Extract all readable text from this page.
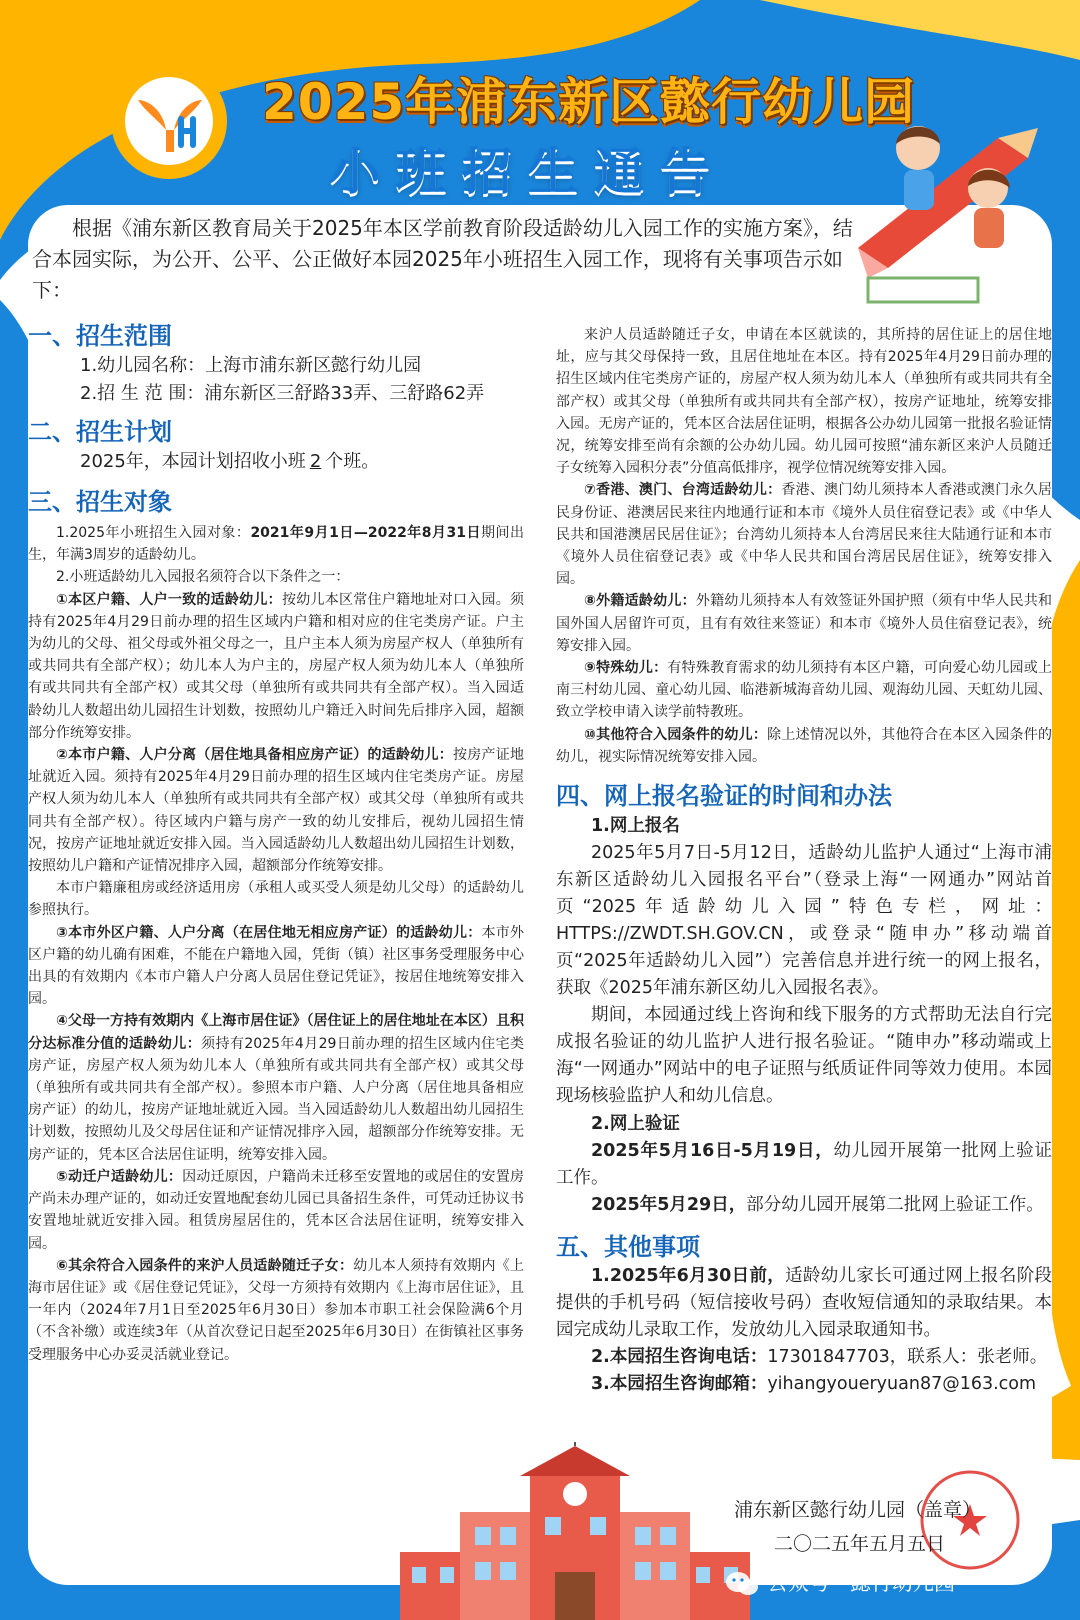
2025年浦东新区懿行幼儿园
小班招生通告

根据《浦东新区教育局关于2025年本区学前教育阶段适龄幼儿入园工作的实施方案》，结合本园实际，为公开、公平、公正做好本园2025年小班招生入园工作，现将有关事项告示如下：

一、招生范围

1.幼儿园名称：上海市浦东新区懿行幼儿园

2.招 生 范 围：浦东新区三舒路33弄、三舒路62弄

二、招生计划

2025年，本园计划招收小班 2 个班。

三、招生对象

1.2025年小班招生入园对象：2021年9月1日—2022年8月31日期间出生，年满3周岁的适龄幼儿。

2.小班适龄幼儿入园报名须符合以下条件之一：

①本区户籍、人户一致的适龄幼儿：按幼儿本区常住户籍地址对口入园。须持有2025年4月29日前办理的招生区域内户籍和相对应的住宅类房产证。户主为幼儿的父母、祖父母或外祖父母之一，且户主本人须为房屋产权人（单独所有或共同共有全部产权）；幼儿本人为户主的，房屋产权人须为幼儿本人（单独所有或共同共有全部产权）或其父母（单独所有或共同共有全部产权）。当入园适龄幼儿人数超出幼儿园招生计划数，按照幼儿户籍迁入时间先后排序入园，超额部分作统筹安排。

②本市户籍、人户分离（居住地具备相应房产证）的适龄幼儿：按房产证地址就近入园。须持有2025年4月29日前办理的招生区域内住宅类房产证。房屋产权人须为幼儿本人（单独所有或共同共有全部产权）或其父母（单独所有或共同共有全部产权）。待区域内户籍与房产一致的幼儿安排后，视幼儿园招生情况，按房产证地址就近安排入园。当入园适龄幼儿人数超出幼儿园招生计划数，按照幼儿户籍和产证情况排序入园，超额部分作统筹安排。

本市户籍廉租房或经济适用房（承租人或买受人须是幼儿父母）的适龄幼儿参照执行。

③本市外区户籍、人户分离（在居住地无相应房产证）的适龄幼儿：本市外区户籍的幼儿确有困难，不能在户籍地入园，凭街（镇）社区事务受理服务中心出具的有效期内《本市户籍人户分离人员居住登记凭证》，按居住地统筹安排入园。

④父母一方持有效期内《上海市居住证》（居住证上的居住地址在本区）且积分达标准分值的适龄幼儿：须持有2025年4月29日前办理的招生区域内住宅类房产证，房屋产权人须为幼儿本人（单独所有或共同共有全部产权）或其父母（单独所有或共同共有全部产权）。参照本市户籍、人户分离（居住地具备相应房产证）的幼儿，按房产证地址就近入园。当入园适龄幼儿人数超出幼儿园招生计划数，按照幼儿及父母居住证和产证情况排序入园，超额部分作统筹安排。无房产证的，凭本区合法居住证明，统筹安排入园。

⑤动迁户适龄幼儿：因动迁原因，户籍尚未迁移至安置地的或居住的安置房产尚未办理产证的，如动迁安置地配套幼儿园已具备招生条件，可凭动迁协议书安置地址就近安排入园。租赁房屋居住的，凭本区合法居住证明，统筹安排入园。

⑥其余符合入园条件的来沪人员适龄随迁子女：幼儿本人须持有效期内《上海市居住证》或《居住登记凭证》，父母一方须持有效期内《上海市居住证》，且一年内（2024年7月1日至2025年6月30日）参加本市职工社会保险满6个月（不含补缴）或连续3年（从首次登记日起至2025年6月30日）在街镇社区事务受理服务中心办妥灵活就业登记。

来沪人员适龄随迁子女，申请在本区就读的，其所持的居住证上的居住地址，应与其父母保持一致，且居住地址在本区。持有2025年4月29日前办理的招生区域内住宅类房产证的，房屋产权人须为幼儿本人（单独所有或共同共有全部产权）或其父母（单独所有或共同共有全部产权），按房产证地址，统筹安排入园。无房产证的，凭本区合法居住证明，根据各公办幼儿园第一批报名验证情况，统筹安排至尚有余额的公办幼儿园。幼儿园可按照“浦东新区来沪人员随迁子女统筹入园积分表”分值高低排序，视学位情况统筹安排入园。

⑦香港、澳门、台湾适龄幼儿：香港、澳门幼儿须持本人香港或澳门永久居民身份证、港澳居民来往内地通行证和本市《境外人员住宿登记表》或《中华人民共和国港澳居民居住证》；台湾幼儿须持本人台湾居民来往大陆通行证和本市《境外人员住宿登记表》或《中华人民共和国台湾居民居住证》，统筹安排入园。

⑧外籍适龄幼儿：外籍幼儿须持本人有效签证外国护照（须有中华人民共和国外国人居留许可页，且有有效往来签证）和本市《境外人员住宿登记表》，统筹安排入园。

⑨特殊幼儿：有特殊教育需求的幼儿须持有本区户籍，可向爱心幼儿园或上南三村幼儿园、童心幼儿园、临港新城海音幼儿园、观海幼儿园、天虹幼儿园、致立学校申请入读学前特教班。

⑩其他符合入园条件的幼儿：除上述情况以外，其他符合在本区入园条件的幼儿，视实际情况统筹安排入园。

四、网上报名验证的时间和办法

1.网上报名

2025年5月7日-5月12日，适龄幼儿监护人通过“上海市浦东新区适龄幼儿入园报名平台”（登录上海“一网通办”网站首页“2025年适龄幼儿入园”特色专栏，网址：HTTPS://ZWDT.SH.GOV.CN，或登录“随申办”移动端首页“2025年适龄幼儿入园”）完善信息并进行统一的网上报名，获取《2025年浦东新区幼儿入园报名表》。

期间，本园通过线上咨询和线下服务的方式帮助无法自行完成报名验证的幼儿监护人进行报名验证。“随申办”移动端或上海“一网通办”网站中的电子证照与纸质证件同等效力使用。本园现场核验监护人和幼儿信息。

2.网上验证

2025年5月16日-5月19日，幼儿园开展第一批网上验证工作。

2025年5月29日，部分幼儿园开展第二批网上验证工作。

五、其他事项

1.2025年6月30日前，适龄幼儿家长可通过网上报名阶段提供的手机号码（短信接收号码）查收短信通知的录取结果。本园完成幼儿录取工作，发放幼儿入园录取通知书。

2.本园招生咨询电话：17301847703，联系人：张老师。

3.本园招生咨询邮箱：yihangyoueryuan87@163.com

浦东新区懿行幼儿园（盖章）

二〇二五年五月五日

公众号 · 懿行幼儿园
